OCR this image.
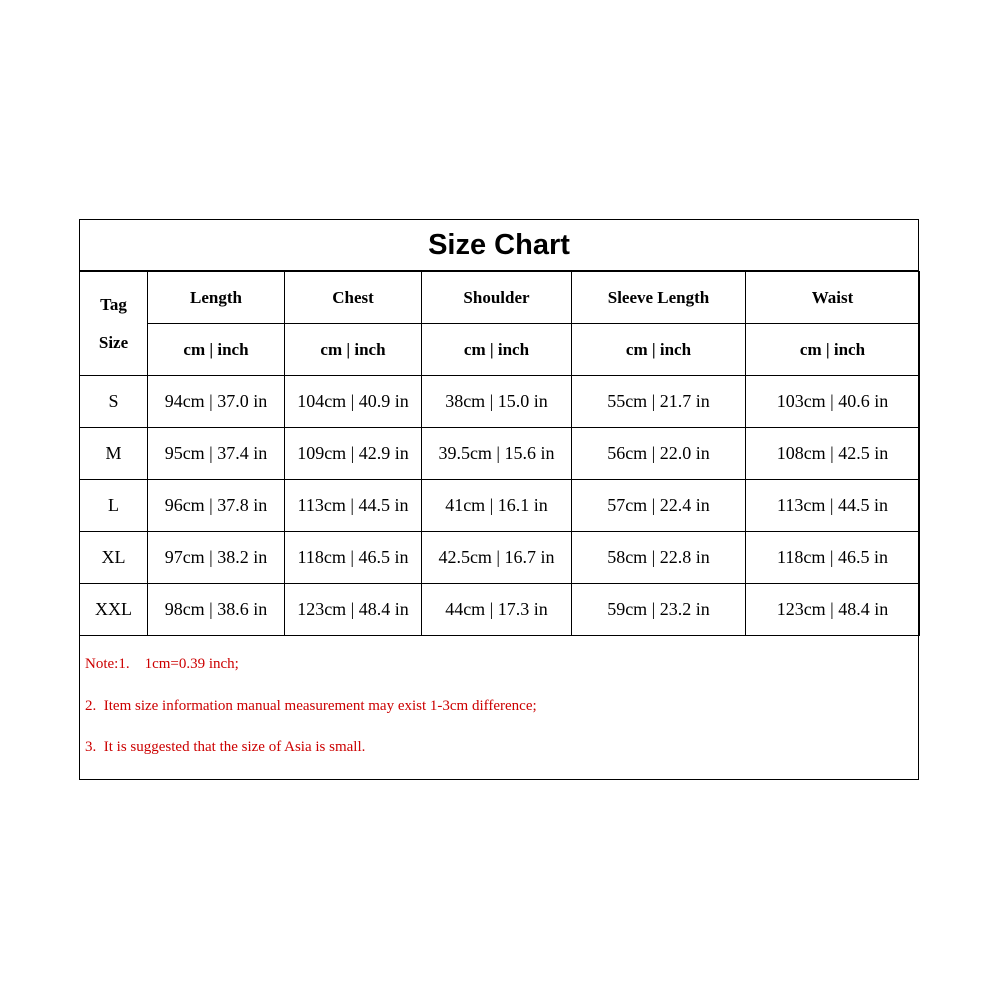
Size Chart
Tag
Size	Length	Chest	Shoulder	Sleeve Length	Waist
	cm | inch	cm | inch	cm | inch	cm | inch	cm | inch
S	94cm | 37.0 in	104cm | 40.9 in	38cm | 15.0 in	55cm | 21.7 in	103cm | 40.6 in
M	95cm | 37.4 in	109cm | 42.9 in	39.5cm | 15.6 in	56cm | 22.0 in	108cm | 42.5 in
L	96cm | 37.8 in	113cm | 44.5 in	41cm | 16.1 in	57cm | 22.4 in	113cm | 44.5 in
XL	97cm | 38.2 in	118cm | 46.5 in	42.5cm | 16.7 in	58cm | 22.8 in	118cm | 46.5 in
XXL	98cm | 38.6 in	123cm | 48.4 in	44cm | 17.3 in	59cm | 23.2 in	123cm | 48.4 in
Note:1.    1cm=0.39 inch;
2.  Item size information manual measurement may exist 1-3cm difference;
3.  It is suggested that the size of Asia is small.
